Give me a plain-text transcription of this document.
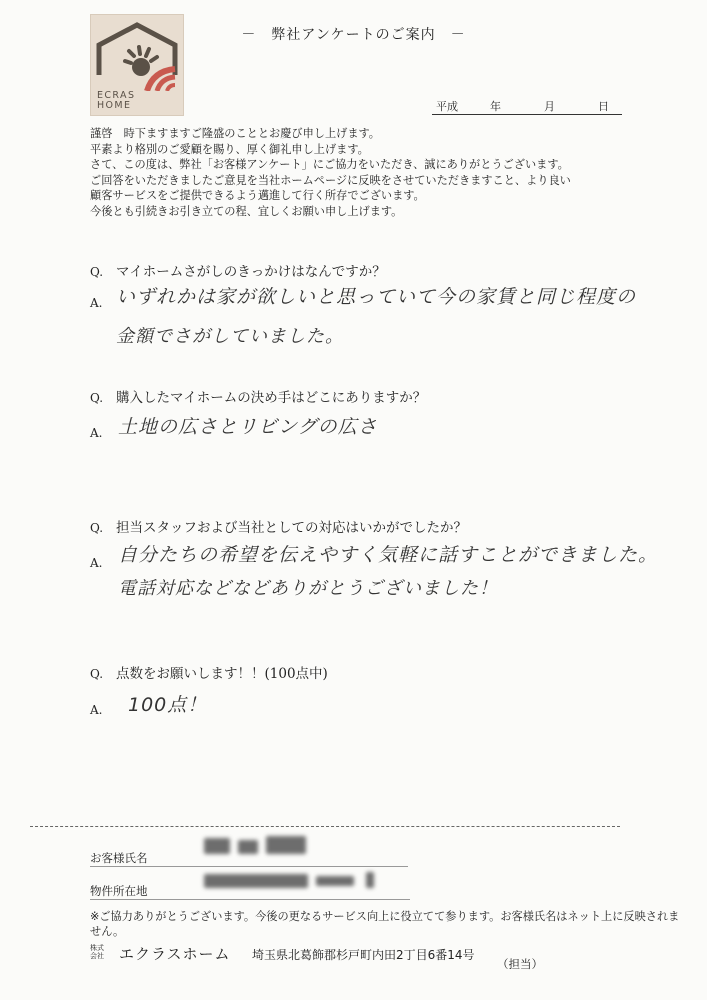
ECRAS
HOME
－　弊社アンケートのご案内　－
平成	年	月	日
謹啓　時下ますますご隆盛のこととお慶び申し上げます。
平素より格別のご愛顧を賜り、厚く御礼申し上げます。
さて、この度は、弊社「お客様アンケート」にご協力をいただき、誠にありがとうございます。
ご回答をいただきましたご意見を当社ホームページに反映をさせていただきますこと、より良い
顧客サービスをご提供できるよう邁進して行く所存でございます。
今後とも引続きお引き立ての程、宜しくお願い申し上げます。
Q. マイホームさがしのきっかけはなんですか？
A. いずれかは家が欲しいと思っていて今の家賃と同じ程度の
金額でさがしていました。
Q. 購入したマイホームの決め手はどこにありますか？
A. 土地の広さとリビングの広さ
Q. 担当スタッフおよび当社としての対応はいかがでしたか？
A. 自分たちの希望を伝えやすく気軽に話すことができました。
電話対応などなどありがとうございました！
Q. 点数をお願いします！！(100点中)
A. 100点！
お客様氏名
物件所在地
※ご協力ありがとうございます。今後の更なるサービス向上に役立てて参ります。お客様氏名はネット上に反映されません。
株式
会社 エクラスホーム 埼玉県北葛飾郡杉戸町内田2丁目6番14号
（担当）
